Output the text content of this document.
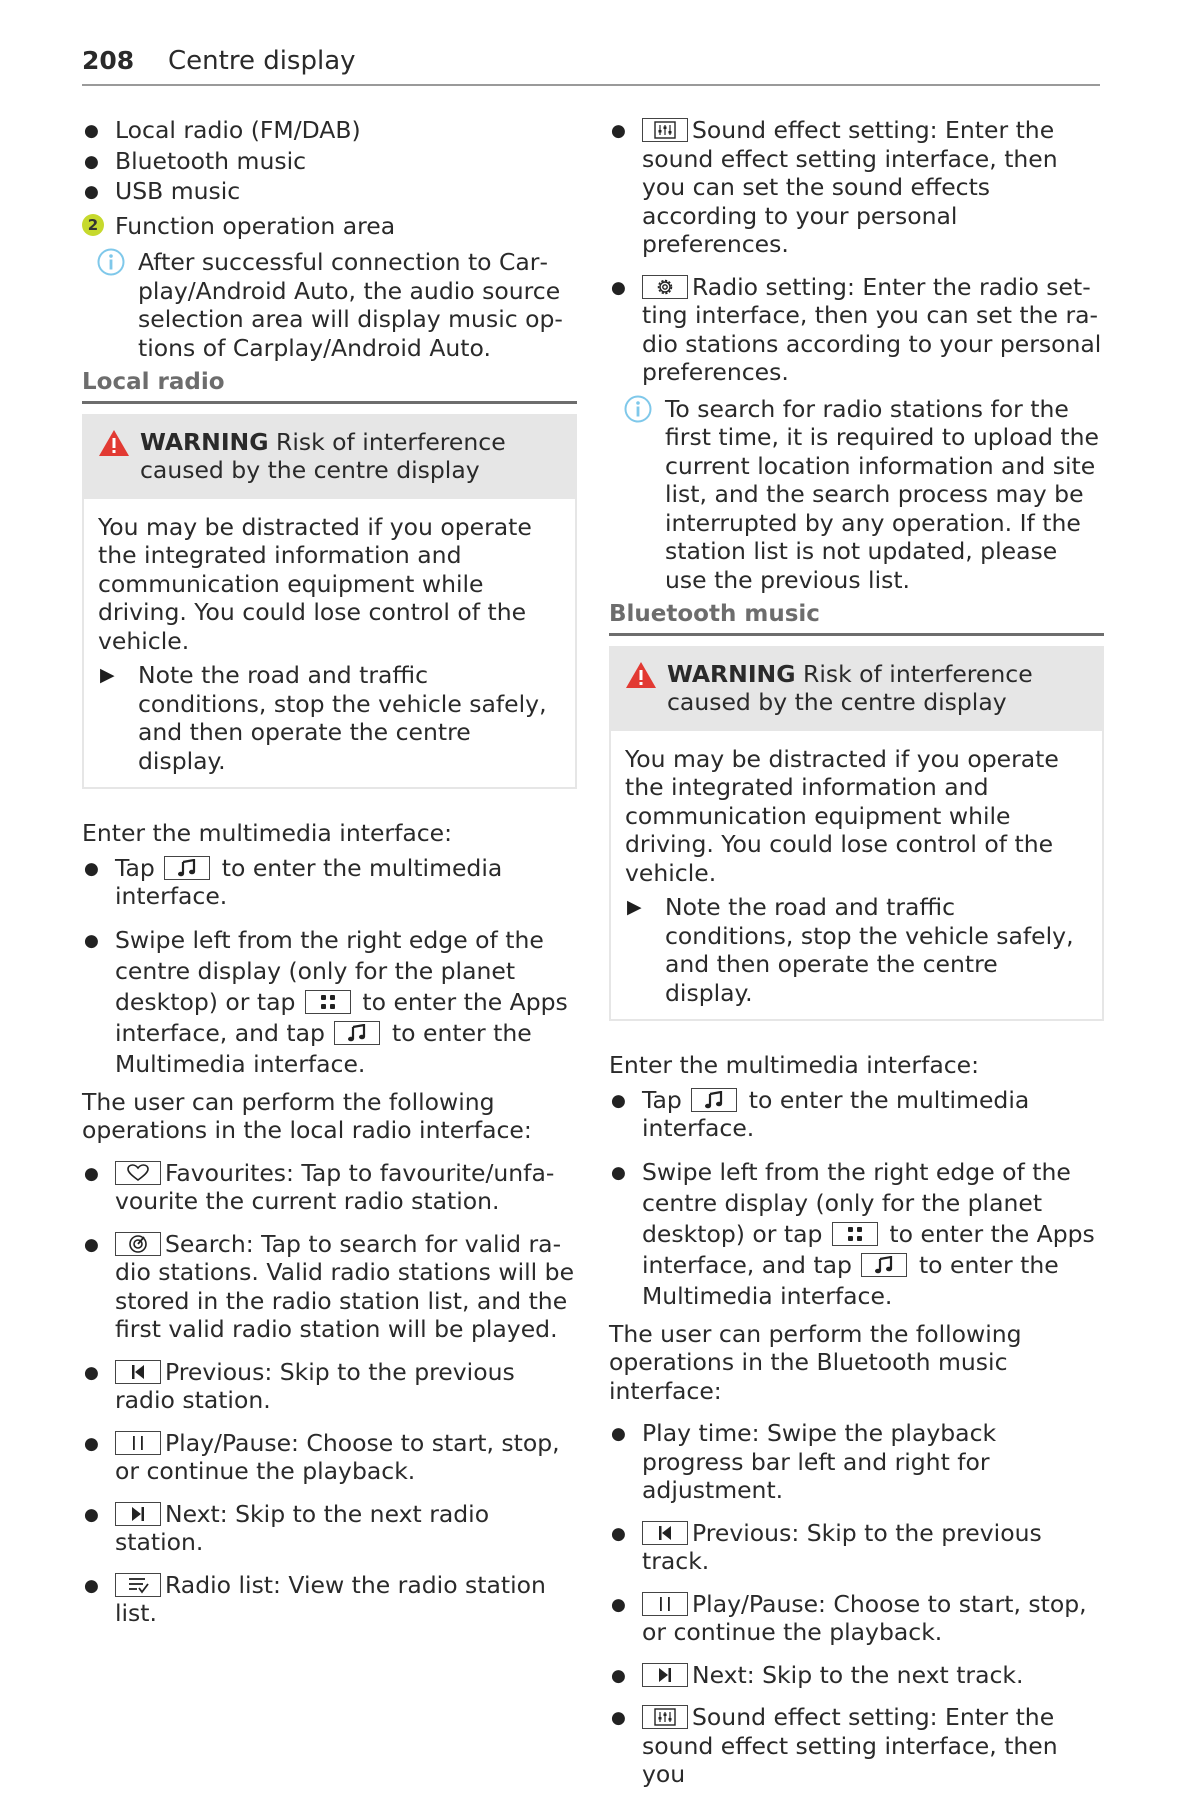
208 Centre display
● Local radio (FM/DAB)
● Bluetooth music
● USB music
2 Function operation area
After successful connection to Carplay/Android Auto, the audio source selection area will display music options of Carplay/Android Auto.
Local radio
WARNING Risk of interference caused by the centre display
You may be distracted if you operate the integrated information and communication equipment while driving. You could lose control of the vehicle.
▶ Note the road and traffic conditions, stop the vehicle safely, and then operate the centre display.
Enter the multimedia interface:
● Tap	to enter the multimedia interface.
● Swipe left from the right edge of the centre display (only for the planet desktop) or tap	to enter the Apps interface, and tap	to enter the Multimedia interface.
The user can perform the following operations in the local radio interface:
● Favourites: Tap to favourite/unfavourite the current radio station.
● Search: Tap to search for valid radio stations. Valid radio stations will be stored in the radio station list, and the first valid radio station will be played.
● Previous: Skip to the previous radio station.
● Play/Pause: Choose to start, stop, or continue the playback.
● Next: Skip to the next radio station.
● Radio list: View the radio station list.
● Sound effect setting: Enter the sound effect setting interface, then you can set the sound effects according to your personal preferences.
● Radio setting: Enter the radio setting interface, then you can set the radio stations according to your personal preferences.
To search for radio stations for the first time, it is required to upload the current location information and site list, and the search process may be interrupted by any operation. If the station list is not updated, please use the previous list.
Bluetooth music
WARNING Risk of interference caused by the centre display
You may be distracted if you operate the integrated information and communication equipment while driving. You could lose control of the vehicle.
▶ Note the road and traffic conditions, stop the vehicle safely, and then operate the centre display.
Enter the multimedia interface:
● Tap	to enter the multimedia interface.
● Swipe left from the right edge of the centre display (only for the planet desktop) or tap	to enter the Apps interface, and tap	to enter the Multimedia interface.
The user can perform the following operations in the Bluetooth music interface:
● Play time: Swipe the playback progress bar left and right for adjustment.
● Previous: Skip to the previous track.
● Play/Pause: Choose to start, stop, or continue the playback.
● Next: Skip to the next track.
● Sound effect setting: Enter the sound effect setting interface, then you
